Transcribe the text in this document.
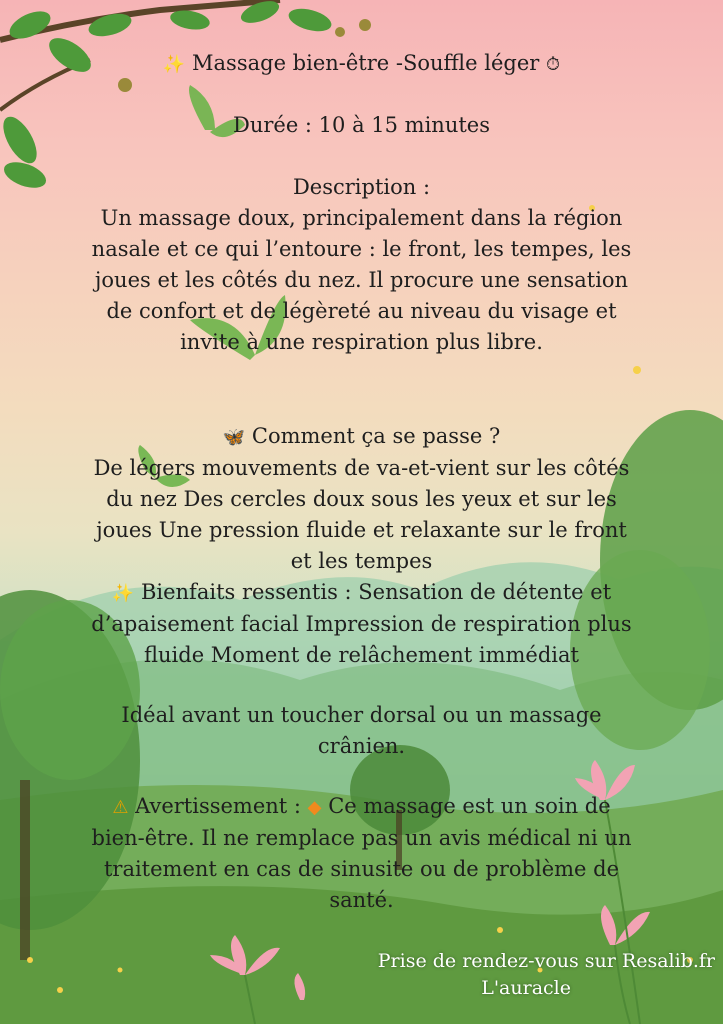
✨ Massage bien-être -Souffle léger ⏱

Durée : 10 à 15 minutes

Description :

Un massage doux, principalement dans la région nasale et ce qui l’entoure : le front, les tempes, les joues et les côtés du nez. Il procure une sensation de confort et de légèreté au niveau du visage et invite à une respiration plus libre.

🦋 Comment ça se passe ?

De légers mouvements de va-et-vient sur les côtés du nez Des cercles doux sous les yeux et sur les joues Une pression fluide et relaxante sur le front et les tempes

✨ Bienfaits ressentis : Sensation de détente et d’apaisement facial Impression de respiration plus fluide Moment de relâchement immédiat

Idéal avant un toucher dorsal ou un massage crânien.

⚠ Avertissement : ◆ Ce massage est un soin de bien-être. Il ne remplace pas un avis médical ni un traitement en cas de sinusite ou de problème de santé.

Prise de rendez-vous sur Resalib.fr

L'auracle
